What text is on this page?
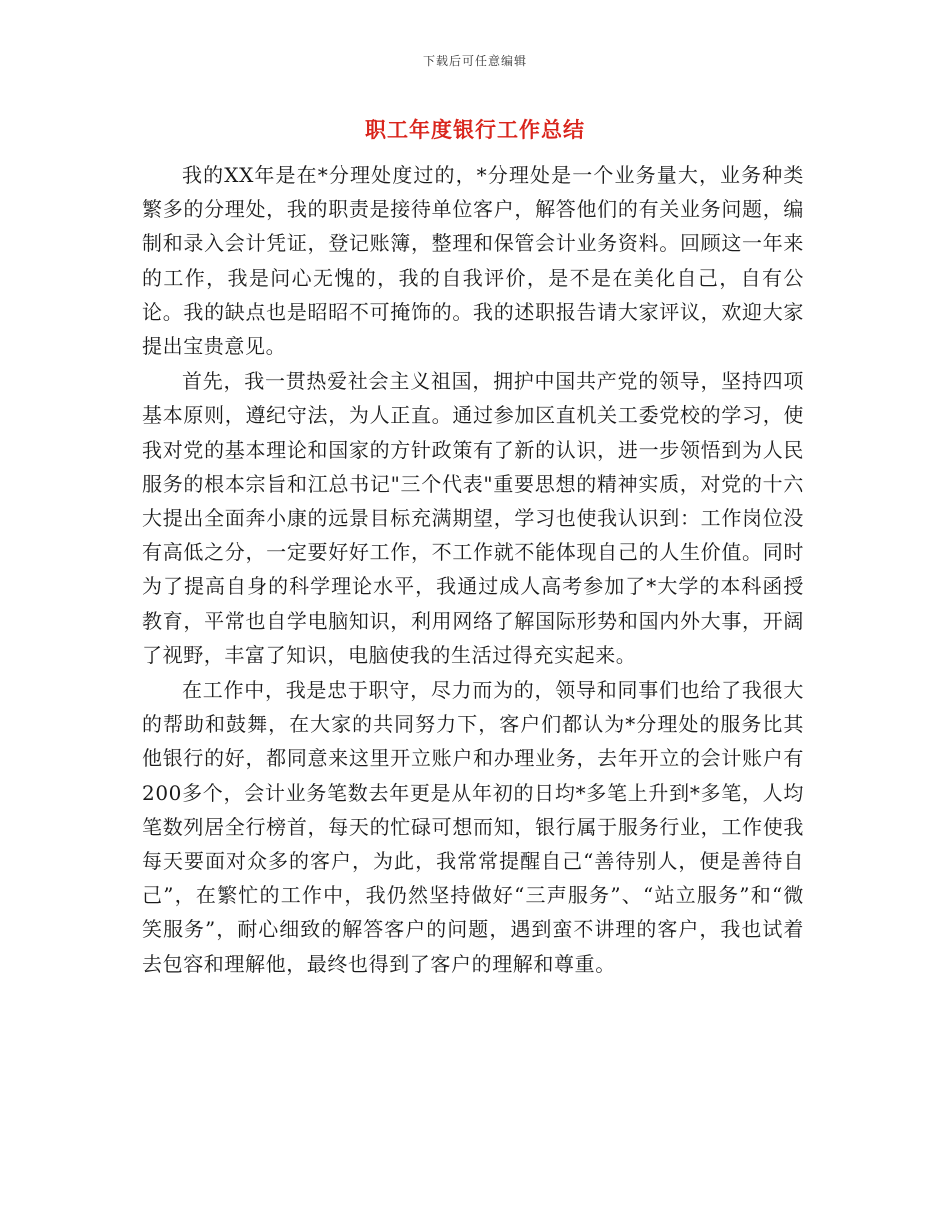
下载后可任意编辑
职工年度银行工作总结

我的XX年是在*分理处度过的，*分理处是一个业务量大，业务种类繁多的分理处，我的职责是接待单位客户，解答他们的有关业务问题，编制和录入会计凭证，登记账簿，整理和保管会计业务资料。回顾这一年来的工作，我是问心无愧的，我的自我评价，是不是在美化自己，自有公论。我的缺点也是昭昭不可掩饰的。我的述职报告请大家评议，欢迎大家提出宝贵意见。

首先，我一贯热爱社会主义祖国，拥护中国共产党的领导，坚持四项基本原则，遵纪守法，为人正直。通过参加区直机关工委党校的学习，使我对党的基本理论和国家的方针政策有了新的认识，进一步领悟到为人民服务的根本宗旨和江总书记"三个代表"重要思想的精神实质，对党的十六大提出全面奔小康的远景目标充满期望，学习也使我认识到：工作岗位没有高低之分，一定要好好工作，不工作就不能体现自己的人生价值。同时为了提高自身的科学理论水平，我通过成人高考参加了*大学的本科函授教育，平常也自学电脑知识，利用网络了解国际形势和国内外大事，开阔了视野，丰富了知识，电脑使我的生活过得充实起来。

在工作中，我是忠于职守，尽力而为的，领导和同事们也给了我很大的帮助和鼓舞，在大家的共同努力下，客户们都认为*分理处的服务比其他银行的好，都同意来这里开立账户和办理业务，去年开立的会计账户有200多个，会计业务笔数去年更是从年初的日均*多笔上升到*多笔，人均笔数列居全行榜首，每天的忙碌可想而知，银行属于服务行业，工作使我每天要面对众多的客户，为此，我常常提醒自己“善待别人，便是善待自己”，在繁忙的工作中，我仍然坚持做好“三声服务”、“站立服务”和“微笑服务”，耐心细致的解答客户的问题，遇到蛮不讲理的客户，我也试着去包容和理解他，最终也得到了客户的理解和尊重。
